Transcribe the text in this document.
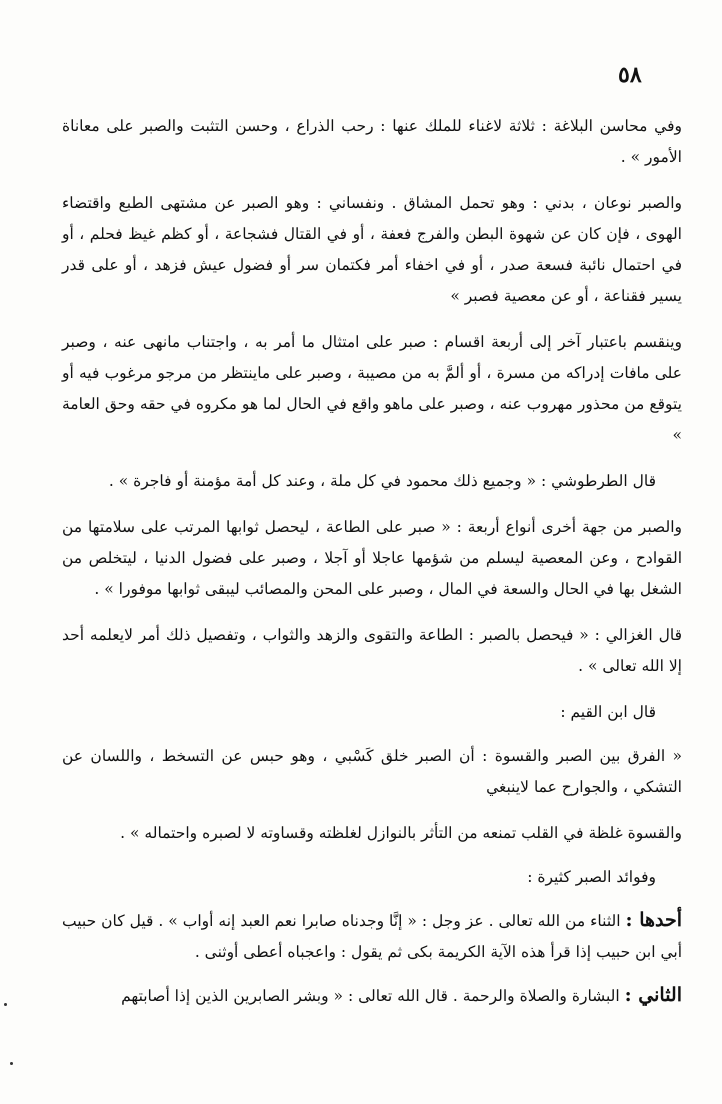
٥٨

وفي محاسن البلاغة : ثلاثة لاغناء للملك عنها : رحب الذراع ، وحسن التثبت والصبر على معاناة الأمور » .

والصبر نوعان ، بدني : وهو تحمل المشاق . ونفساني : وهو الصبر عن مشتهى الطبع واقتضاء الهوى ، فإن كان عن شهوة البطن والفرج فعفة ، أو في القتال فشجاعة ، أو كظم غيظ فحلم ، أو في احتمال نائبة فسعة صدر ، أو في اخفاء أمر فكتمان سر أو فضول عيش فزهد ، أو على قدر يسير فقناعة ، أو عن معصية فصبر »

وينقسم باعتبار آخر إلى أربعة اقسام : صبر على امتثال ما أمر به ، واجتناب مانهى عنه ، وصبر على مافات إدراكه من مسرة ، أو ألمَّ به من مصيبة ، وصبر على ماينتظر من مرجو مرغوب فيه أو يتوقع من محذور مهروب عنه ، وصبر على ماهو واقع في الحال لما هو مكروه في حقه وحق العامة »

قال الطرطوشي : « وجميع ذلك محمود في كل ملة ، وعند كل أمة مؤمنة أو فاجرة » .

والصبر من جهة أخرى أنواع أربعة : « صبر على الطاعة ، ليحصل ثوابها المرتب على سلامتها من القوادح ، وعن المعصية ليسلم من شؤمها عاجلا أو آجلا ، وصبر على فضول الدنيا ، ليتخلص من الشغل بها في الحال والسعة في المال ، وصبر على المحن والمصائب ليبقى ثوابها موفورا » .

قال الغزالي : « فيحصل بالصبر : الطاعة والتقوى والزهد والثواب ، وتفصيل ذلك أمر لايعلمه أحد إلا الله تعالى » .

قال ابن القيم :

« الفرق بين الصبر والقسوة : أن الصبر خلق كَسْبي ، وهو حبس عن التسخط ، واللسان عن التشكي ، والجوارح عما لاينبغي

والقسوة غلظة في القلب تمنعه من التأثر بالنوازل لغلظته وقساوته لا لصبره واحتماله » .

وفوائد الصبر كثيرة :

أحدها : الثناء من الله تعالى . عز وجل : « إنَّا وجدناه صابرا نعم العبد إنه أواب » . قيل كان حبيب أبي ابن حبيب إذا قرأ هذه الآية الكريمة بكى ثم يقول : واعجباه أعطى أوثنى .

الثاني : البشارة والصلاة والرحمة . قال الله تعالى : « وبشر الصابرين الذين إذا أصابتهم
